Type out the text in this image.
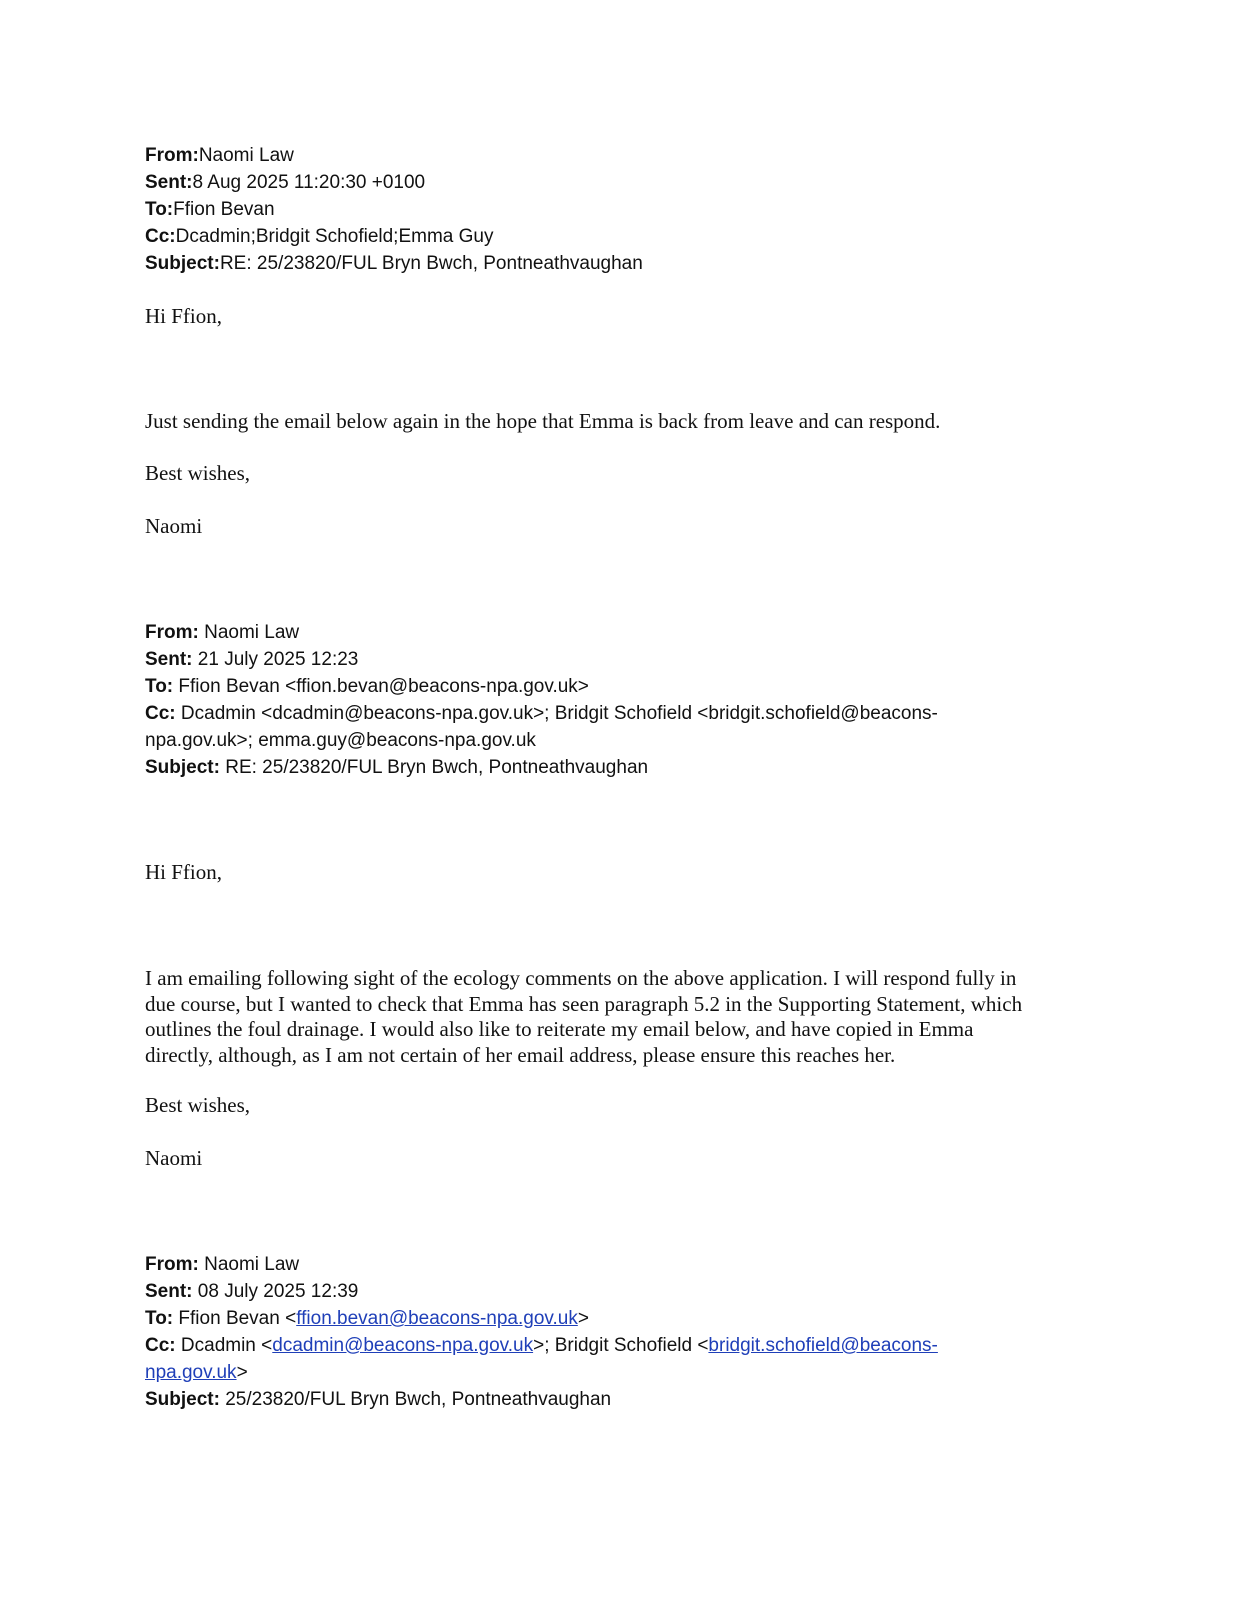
From:Naomi Law
Sent:8 Aug 2025 11:20:30 +0100
To:Ffion Bevan
Cc:Dcadmin;Bridgit Schofield;Emma Guy
Subject:RE: 25/23820/FUL Bryn Bwch, Pontneathvaughan
Hi Ffion,
Just sending the email below again in the hope that Emma is back from leave and can respond.
Best wishes,
Naomi
From: Naomi Law
Sent: 21 July 2025 12:23
To: Ffion Bevan <ffion.bevan@beacons-npa.gov.uk>
Cc: Dcadmin <dcadmin@beacons-npa.gov.uk>; Bridgit Schofield <bridgit.schofield@beacons-
npa.gov.uk>; emma.guy@beacons-npa.gov.uk
Subject: RE: 25/23820/FUL Bryn Bwch, Pontneathvaughan
Hi Ffion,
I am emailing following sight of the ecology comments on the above application. I will respond fully in
due course, but I wanted to check that Emma has seen paragraph 5.2 in the Supporting Statement, which
outlines the foul drainage. I would also like to reiterate my email below, and have copied in Emma
directly, although, as I am not certain of her email address, please ensure this reaches her.
Best wishes,
Naomi
From: Naomi Law
Sent: 08 July 2025 12:39
To: Ffion Bevan <ffion.bevan@beacons-npa.gov.uk>
Cc: Dcadmin <dcadmin@beacons-npa.gov.uk>; Bridgit Schofield <bridgit.schofield@beacons-
npa.gov.uk>
Subject: 25/23820/FUL Bryn Bwch, Pontneathvaughan
